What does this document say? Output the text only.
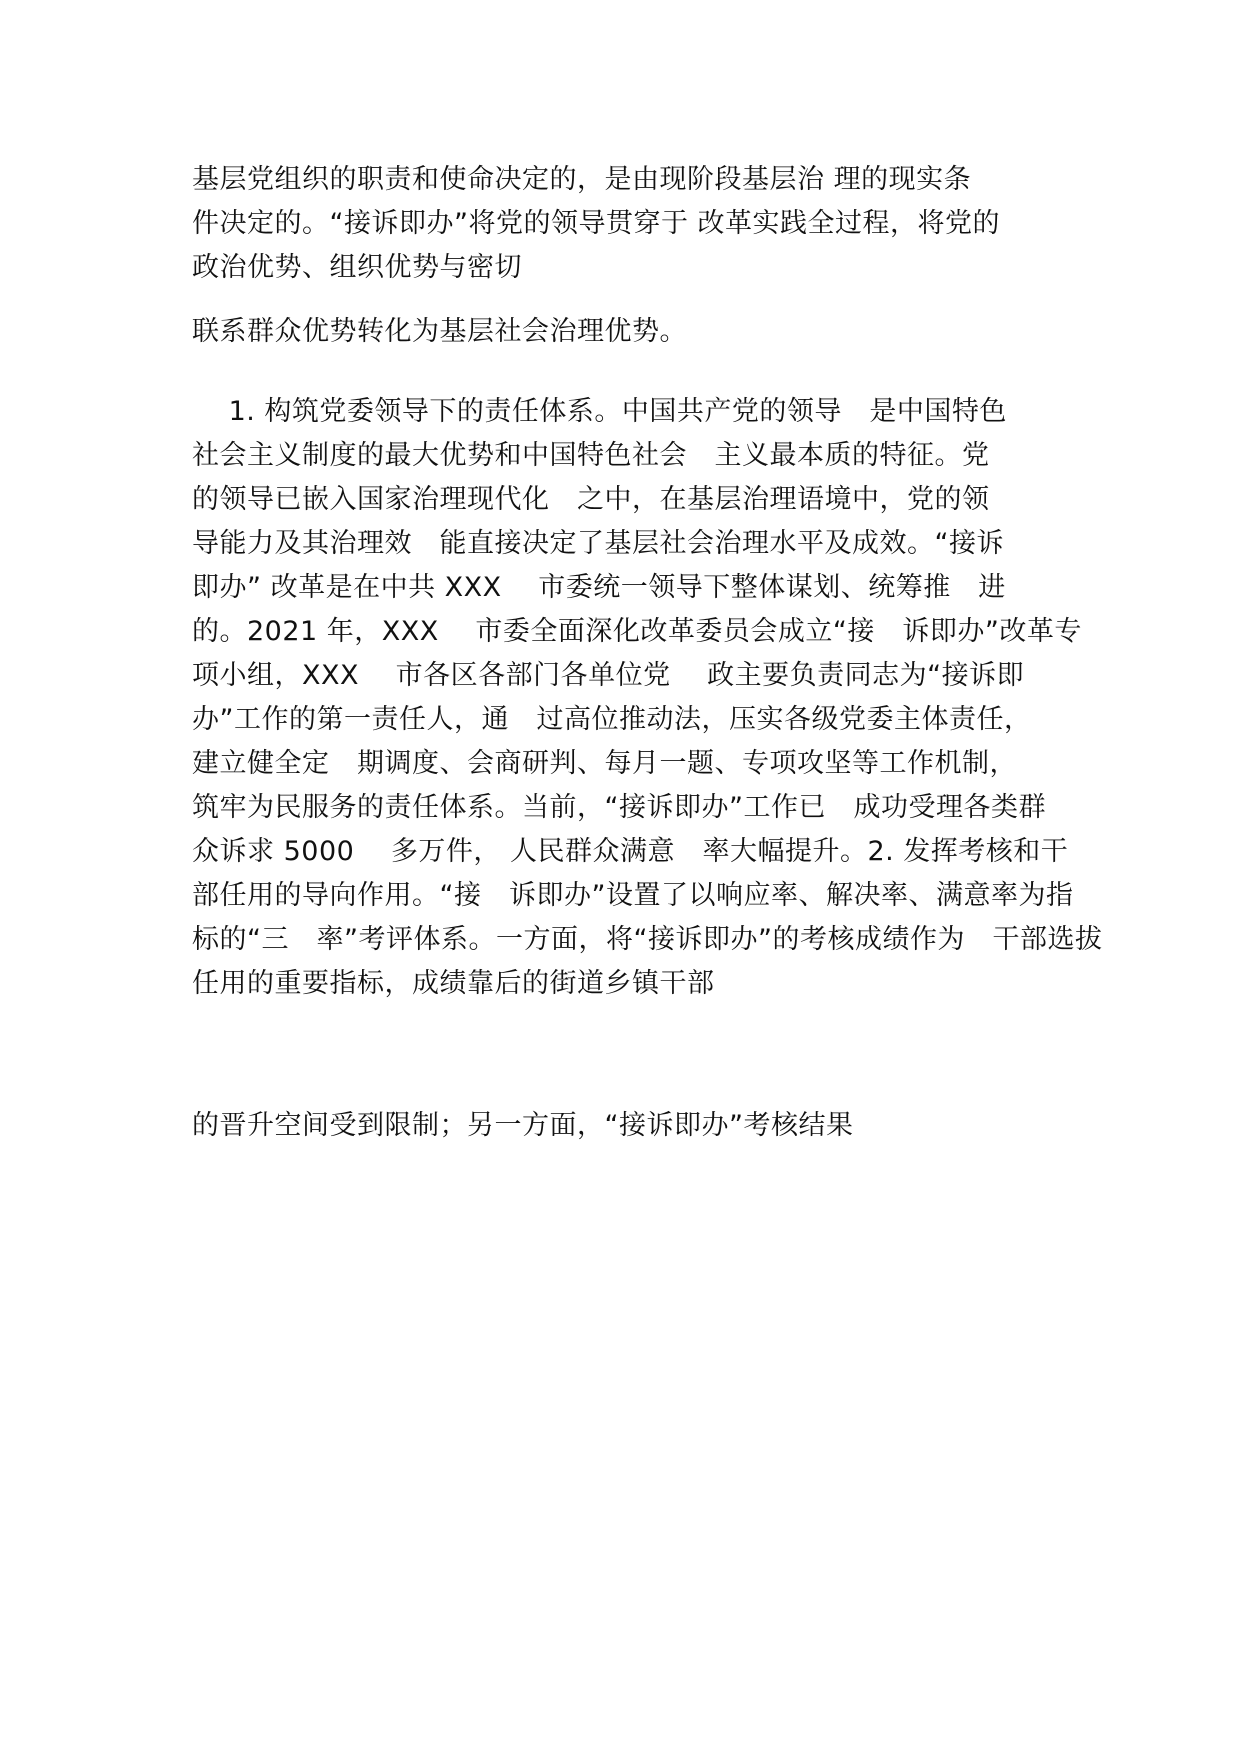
基层党组织的职责和使命决定的，是由现阶段基层治 理的现实条
件决定的。“接诉即办”将党的领导贯穿于 改革实践全过程，将党的
政治优势、组织优势与密切
联系群众优势转化为基层社会治理优势。
　 1. 构筑党委领导下的责任体系。中国共产党的领导　是中国特色
社会主义制度的最大优势和中国特色社会　主义最本质的特征。党
的领导已嵌入国家治理现代化　之中，在基层治理语境中，党的领
导能力及其治理效　能直接决定了基层社会治理水平及成效。“接诉
即办” 改革是在中共 XXX　 市委统一领导下整体谋划、统筹推　进
的。2021 年，XXX　 市委全面深化改革委员会成立“接　诉即办”改革专
项小组，XXX　 市各区各部门各单位党　 政主要负责同志为“接诉即
办”工作的第一责任人，通　过高位推动法，压实各级党委主体责任，
建立健全定　期调度、会商研判、每月一题、专项攻坚等工作机制，
筑牢为民服务的责任体系。当前，“接诉即办”工作已　成功受理各类群
众诉求 5000　 多万件， 人民群众满意　率大幅提升。2. 发挥考核和干
部任用的导向作用。“接　诉即办”设置了以响应率、解决率、满意率为指
标的“三　率”考评体系。一方面，将“接诉即办”的考核成绩作为　干部选拔
任用的重要指标，成绩靠后的街道乡镇干部
的晋升空间受到限制；另一方面，“接诉即办”考核结果
